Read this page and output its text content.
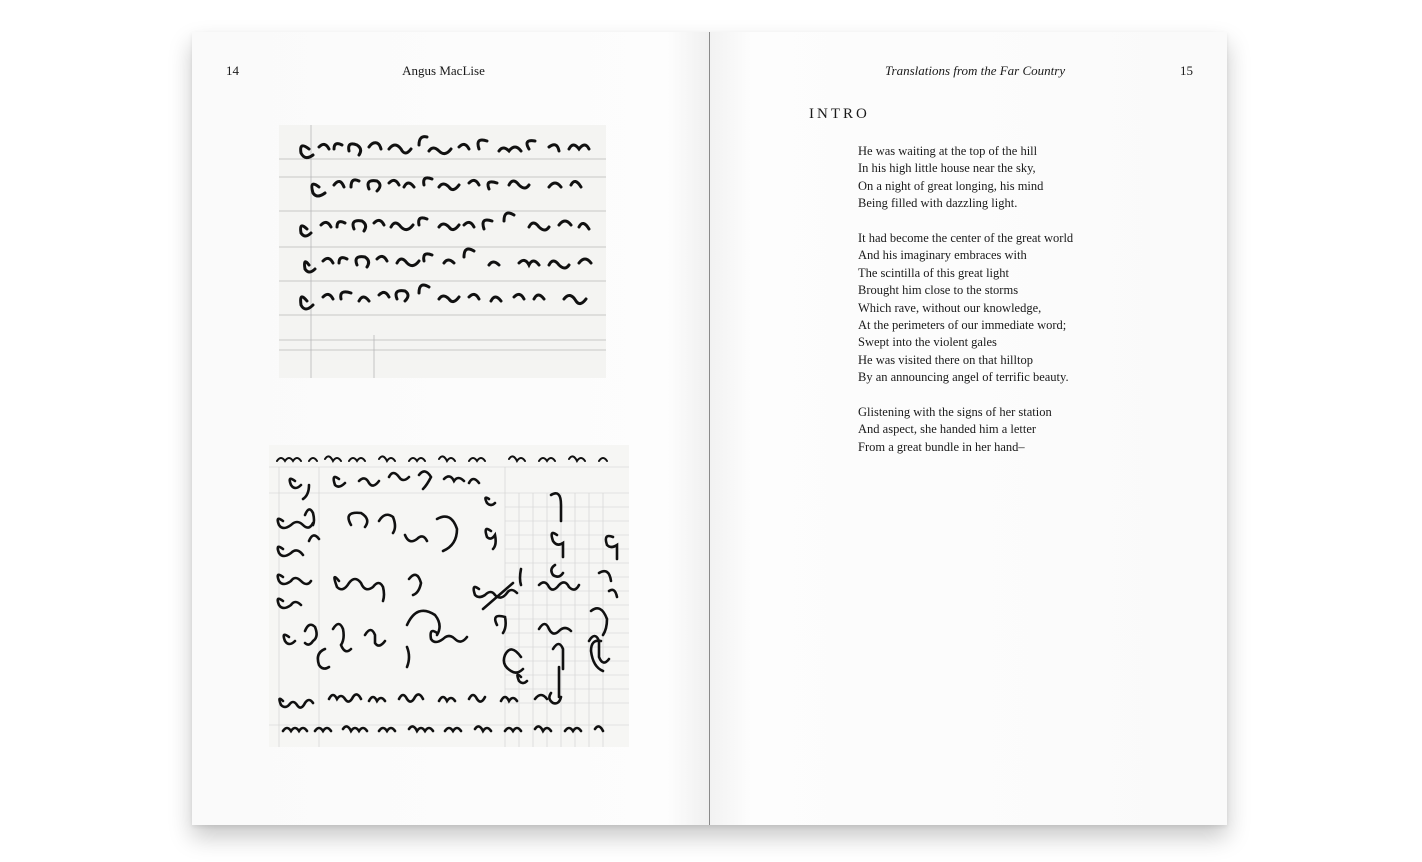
14	Angus MacLise	Translations from the Far Country	15
INTRO
He was waiting at the top of the hill
In his high little house near the sky,
On a night of great longing, his mind
Being filled with dazzling light.
It had become the center of the great world
And his imaginary embraces with
The scintilla of this great light
Brought him close to the storms
Which rave, without our knowledge,
At the perimeters of our immediate word;
Swept into the violent gales
He was visited there on that hilltop
By an announcing angel of terrific beauty.
Glistening with the signs of her station
And aspect, she handed him a letter
From a great bundle in her hand–
